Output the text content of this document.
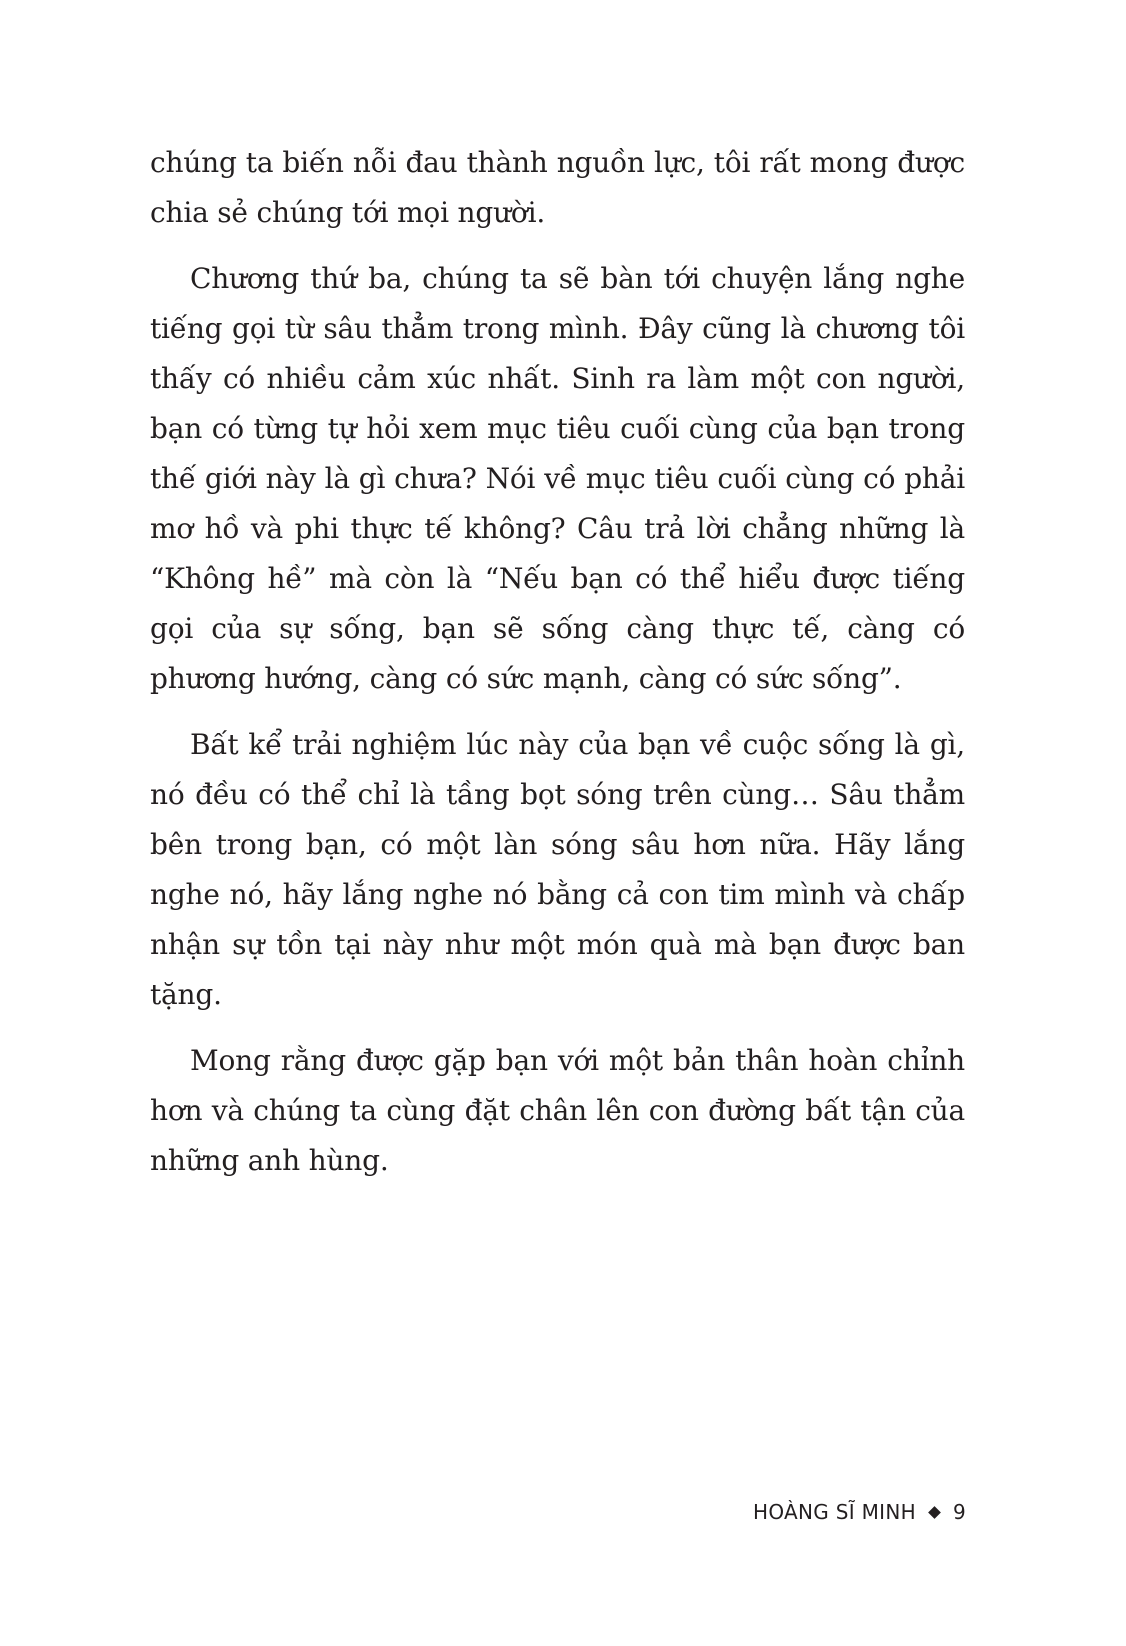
chúng ta biến nỗi đau thành nguồn lực, tôi rất mong được chia sẻ chúng tới mọi người.

Chương thứ ba, chúng ta sẽ bàn tới chuyện lắng nghe tiếng gọi từ sâu thẳm trong mình. Đây cũng là chương tôi thấy có nhiều cảm xúc nhất. Sinh ra làm một con người, bạn có từng tự hỏi xem mục tiêu cuối cùng của bạn trong thế giới này là gì chưa? Nói về mục tiêu cuối cùng có phải mơ hồ và phi thực tế không? Câu trả lời chẳng những là “Không hề” mà còn là “Nếu bạn có thể hiểu được tiếng gọi của sự sống, bạn sẽ sống càng thực tế, càng có phương hướng, càng có sức mạnh, càng có sức sống”.

Bất kể trải nghiệm lúc này của bạn về cuộc sống là gì, nó đều có thể chỉ là tầng bọt sóng trên cùng… Sâu thẳm bên trong bạn, có một làn sóng sâu hơn nữa. Hãy lắng nghe nó, hãy lắng nghe nó bằng cả con tim mình và chấp nhận sự tồn tại này như một món quà mà bạn được ban tặng.

Mong rằng được gặp bạn với một bản thân hoàn chỉnh hơn và chúng ta cùng đặt chân lên con đường bất tận của những anh hùng.

HOÀNG SĨ MINH 9
